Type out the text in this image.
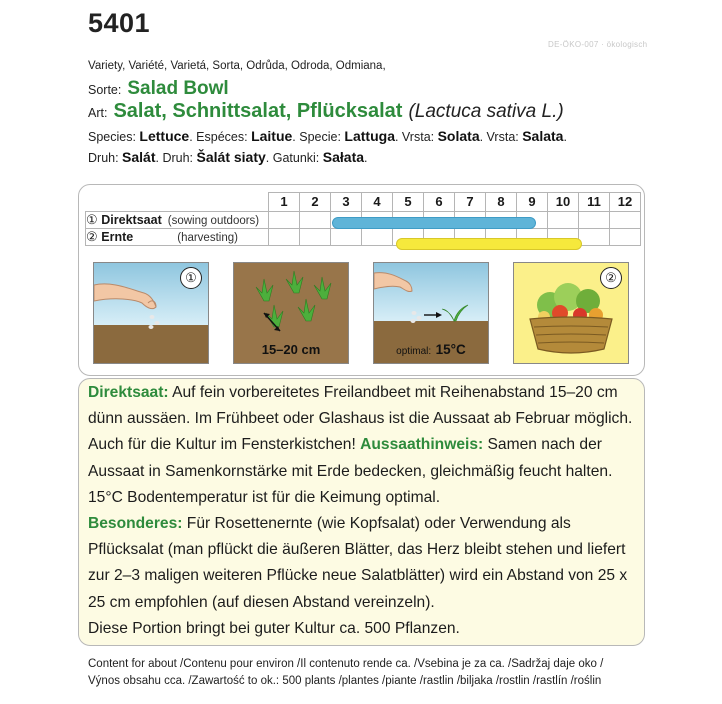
5401
DE-ÖKO-007 · ökologisch
Variety, Variété, Varietá, Sorta, Odrůda, Odroda, Odmiana,
Sorte: Salad Bowl
Art: Salat, Schnittsalat, Pflücksalat (Lactuca sativa L.)
Species: Lettuce. Espéces: Laitue. Specie: Lattuga. Vrsta: Solata. Vrsta: Salata.
Druh: Salát. Druh: Šalát siaty. Gatunki: Sałata.
	1	2	3	4	5	6	7	8	9	10	11	12
① Direktsaat (sowing outdoors)												
② Ernte (harvesting)												
①
15–20 cm	optimal: 15°C
②
Direktsaat: Auf fein vorbereitetes Freilandbeet mit Reihenabstand 15–20 cm dünn aussäen. Im Frühbeet oder Glashaus ist die Aussaat ab Februar möglich. Auch für die Kultur im Fensterkistchen! Aussaathinweis: Samen nach der Aussaat in Samenkornstärke mit Erde bedecken, gleichmäßig feucht halten. 15°C Bodentemperatur ist für die Keimung optimal.
Besonderes: Für Rosettenernte (wie Kopfsalat) oder Verwendung als Pflücksalat (man pflückt die äußeren Blätter, das Herz bleibt stehen und liefert zur 2–3 maligen weiteren Pflücke neue Salatblätter) wird ein Abstand von 25 x 25 cm empfohlen (auf diesen Abstand vereinzeln).
Diese Portion bringt bei guter Kultur ca. 500 Pflanzen.
Content for about /Contenu pour environ /Il contenuto rende ca. /Vsebina je za ca. /Sadržaj daje oko /
Výnos obsahu cca. /Zawartość to ok.: 500 plants /plantes /piante /rastlin /biljaka /rostlin /rastlín /roślin
